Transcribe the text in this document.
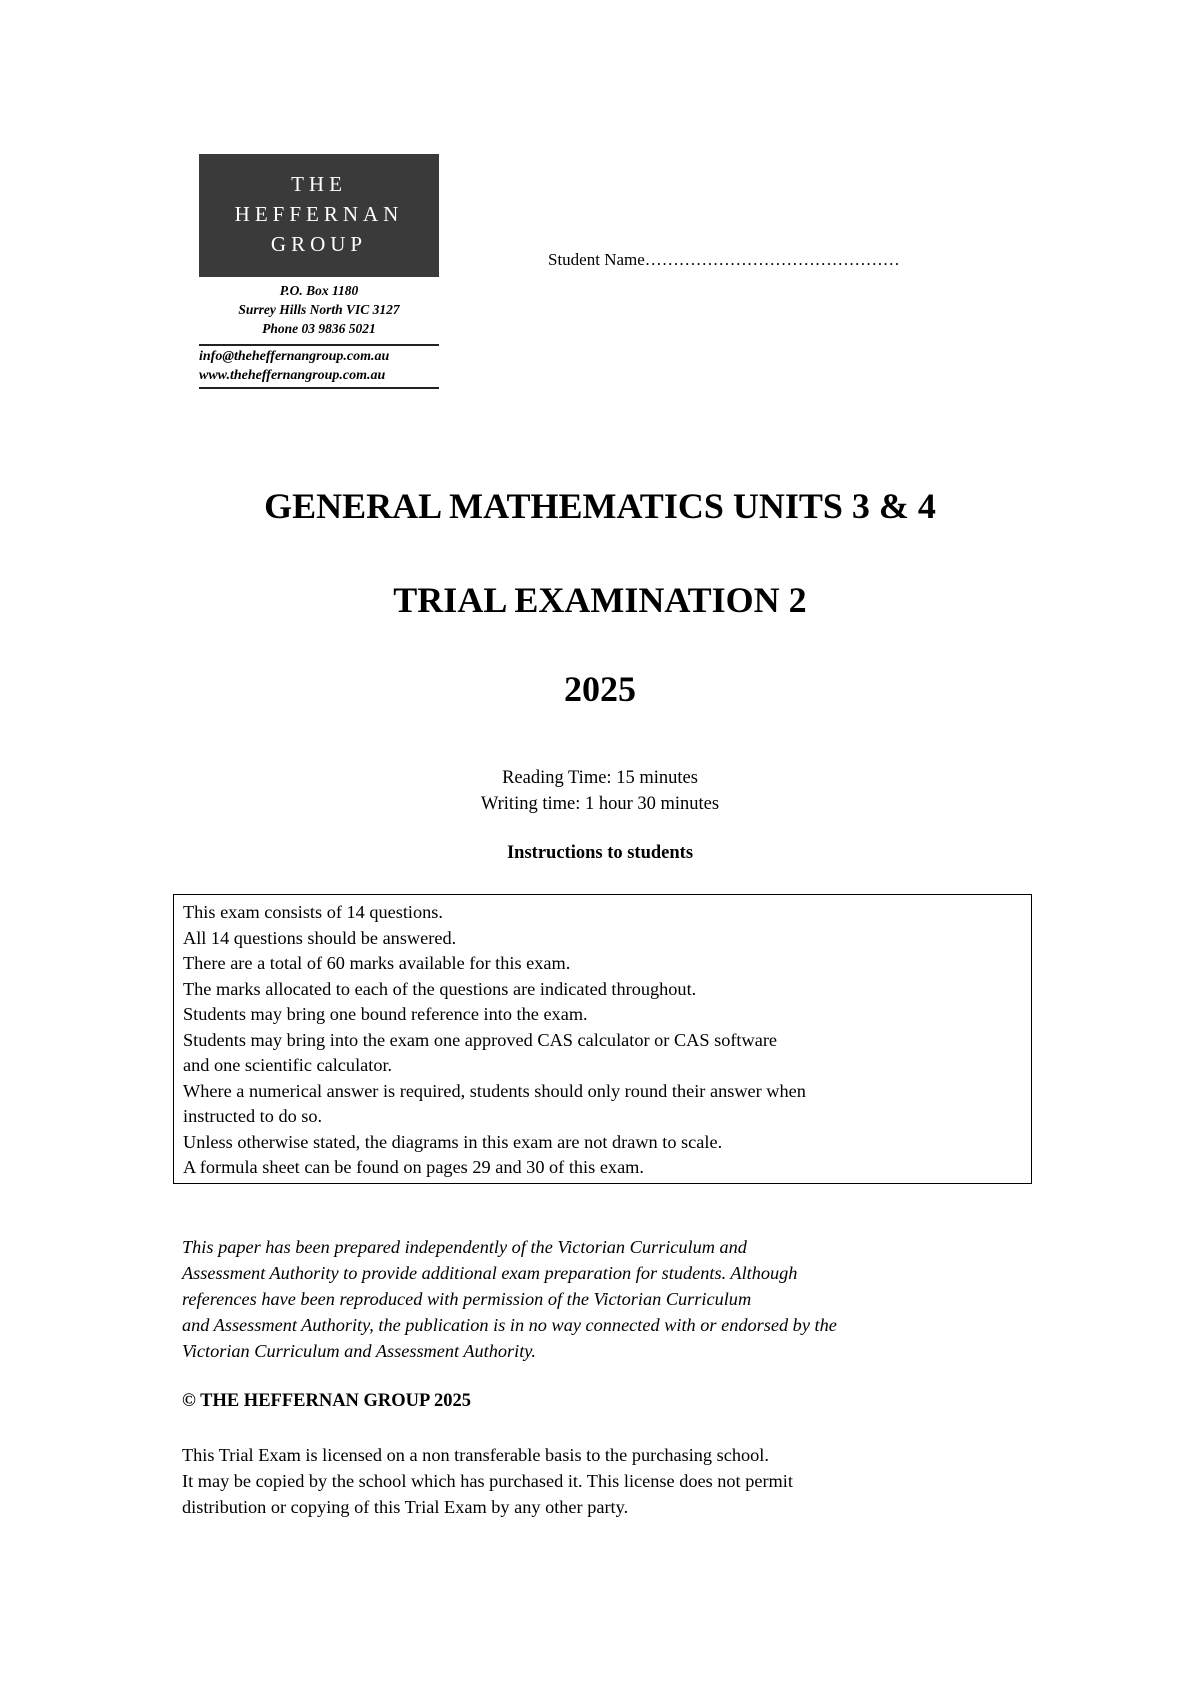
THE
HEFFERNAN
GROUP
P.O. Box 1180
Surrey Hills North VIC 3127
Phone 03 9836 5021
info@theheffernangroup.com.au
www.theheffernangroup.com.au
Student Name………………………………………
GENERAL MATHEMATICS UNITS 3 & 4
TRIAL EXAMINATION 2
2025
Reading Time: 15 minutes
Writing time: 1 hour 30 minutes
Instructions to students
This exam consists of 14 questions.
All 14 questions should be answered.
There are a total of 60 marks available for this exam.
The marks allocated to each of the questions are indicated throughout.
Students may bring one bound reference into the exam.
Students may bring into the exam one approved CAS calculator or CAS software
and one scientific calculator.
Where a numerical answer is required, students should only round their answer when
instructed to do so.
Unless otherwise stated, the diagrams in this exam are not drawn to scale.
A formula sheet can be found on pages 29 and 30 of this exam.
This paper has been prepared independently of the Victorian Curriculum and
Assessment Authority to provide additional exam preparation for students. Although
references have been reproduced with permission of the Victorian Curriculum
and Assessment Authority, the publication is in no way connected with or endorsed by the
Victorian Curriculum and Assessment Authority.
© THE HEFFERNAN GROUP 2025
This Trial Exam is licensed on a non transferable basis to the purchasing school.
It may be copied by the school which has purchased it. This license does not permit
distribution or copying of this Trial Exam by any other party.
